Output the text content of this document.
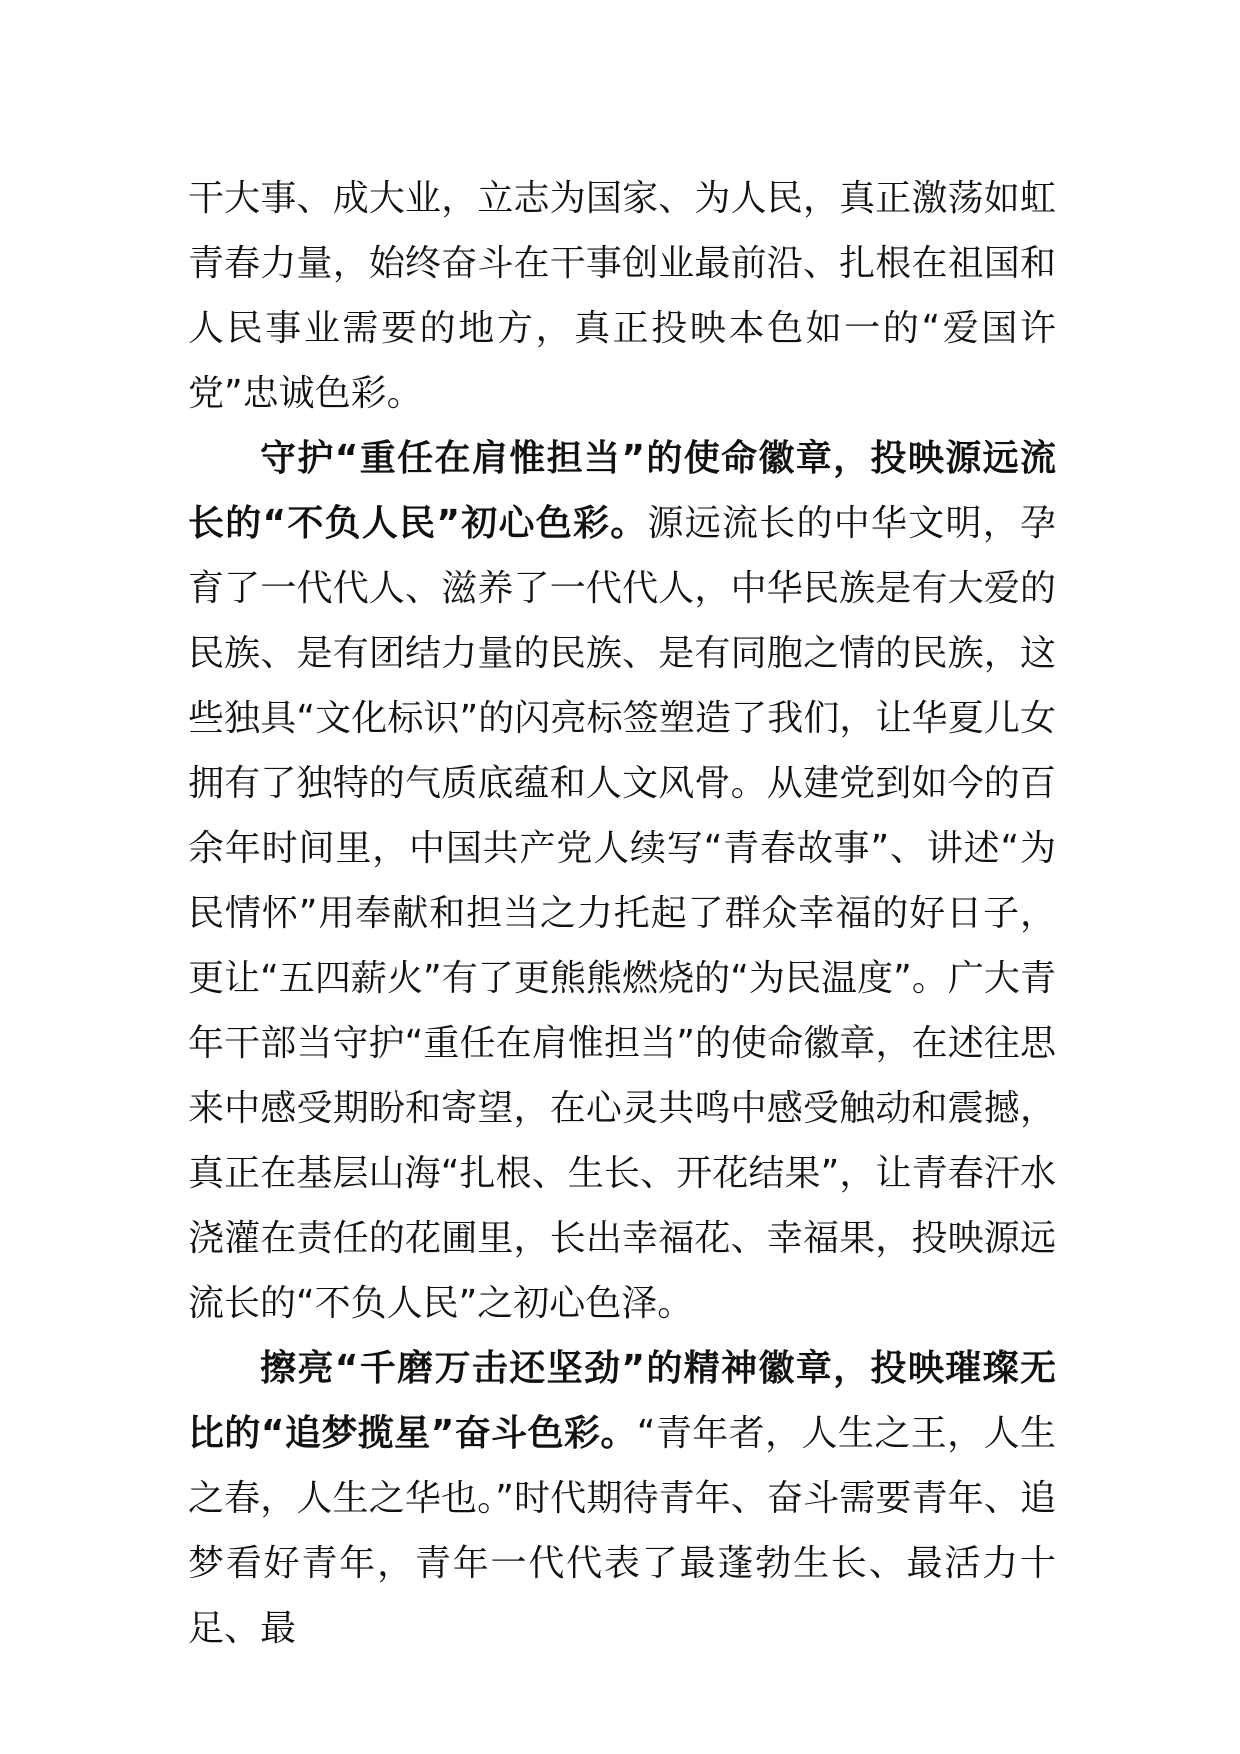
干大事、成大业，立志为国家、为人民，真正激荡如虹青春力量，始终奋斗在干事创业最前沿、扎根在祖国和人民事业需要的地方，真正投映本色如一的“爱国许党”忠诚色彩。

守护“重任在肩惟担当”的使命徽章，投映源远流长的“不负人民”初心色彩。源远流长的中华文明，孕育了一代代人、滋养了一代代人，中华民族是有大爱的民族、是有团结力量的民族、是有同胞之情的民族，这些独具“文化标识”的闪亮标签塑造了我们，让华夏儿女拥有了独特的气质底蕴和人文风骨。从建党到如今的百余年时间里，中国共产党人续写“青春故事”、讲述“为民情怀”用奉献和担当之力托起了群众幸福的好日子，更让“五四薪火”有了更熊熊燃烧的“为民温度”。广大青年干部当守护“重任在肩惟担当”的使命徽章，在述往思来中感受期盼和寄望，在心灵共鸣中感受触动和震撼，真正在基层山海“扎根、生长、开花结果”，让青春汗水浇灌在责任的花圃里，长出幸福花、幸福果，投映源远流长的“不负人民”之初心色泽。

擦亮“千磨万击还坚劲”的精神徽章，投映璀璨无比的“追梦揽星”奋斗色彩。“青年者，人生之王，人生之春，人生之华也。”时代期待青年、奋斗需要青年、追梦看好青年，青年一代代表了最蓬勃生长、最活力十足、最
